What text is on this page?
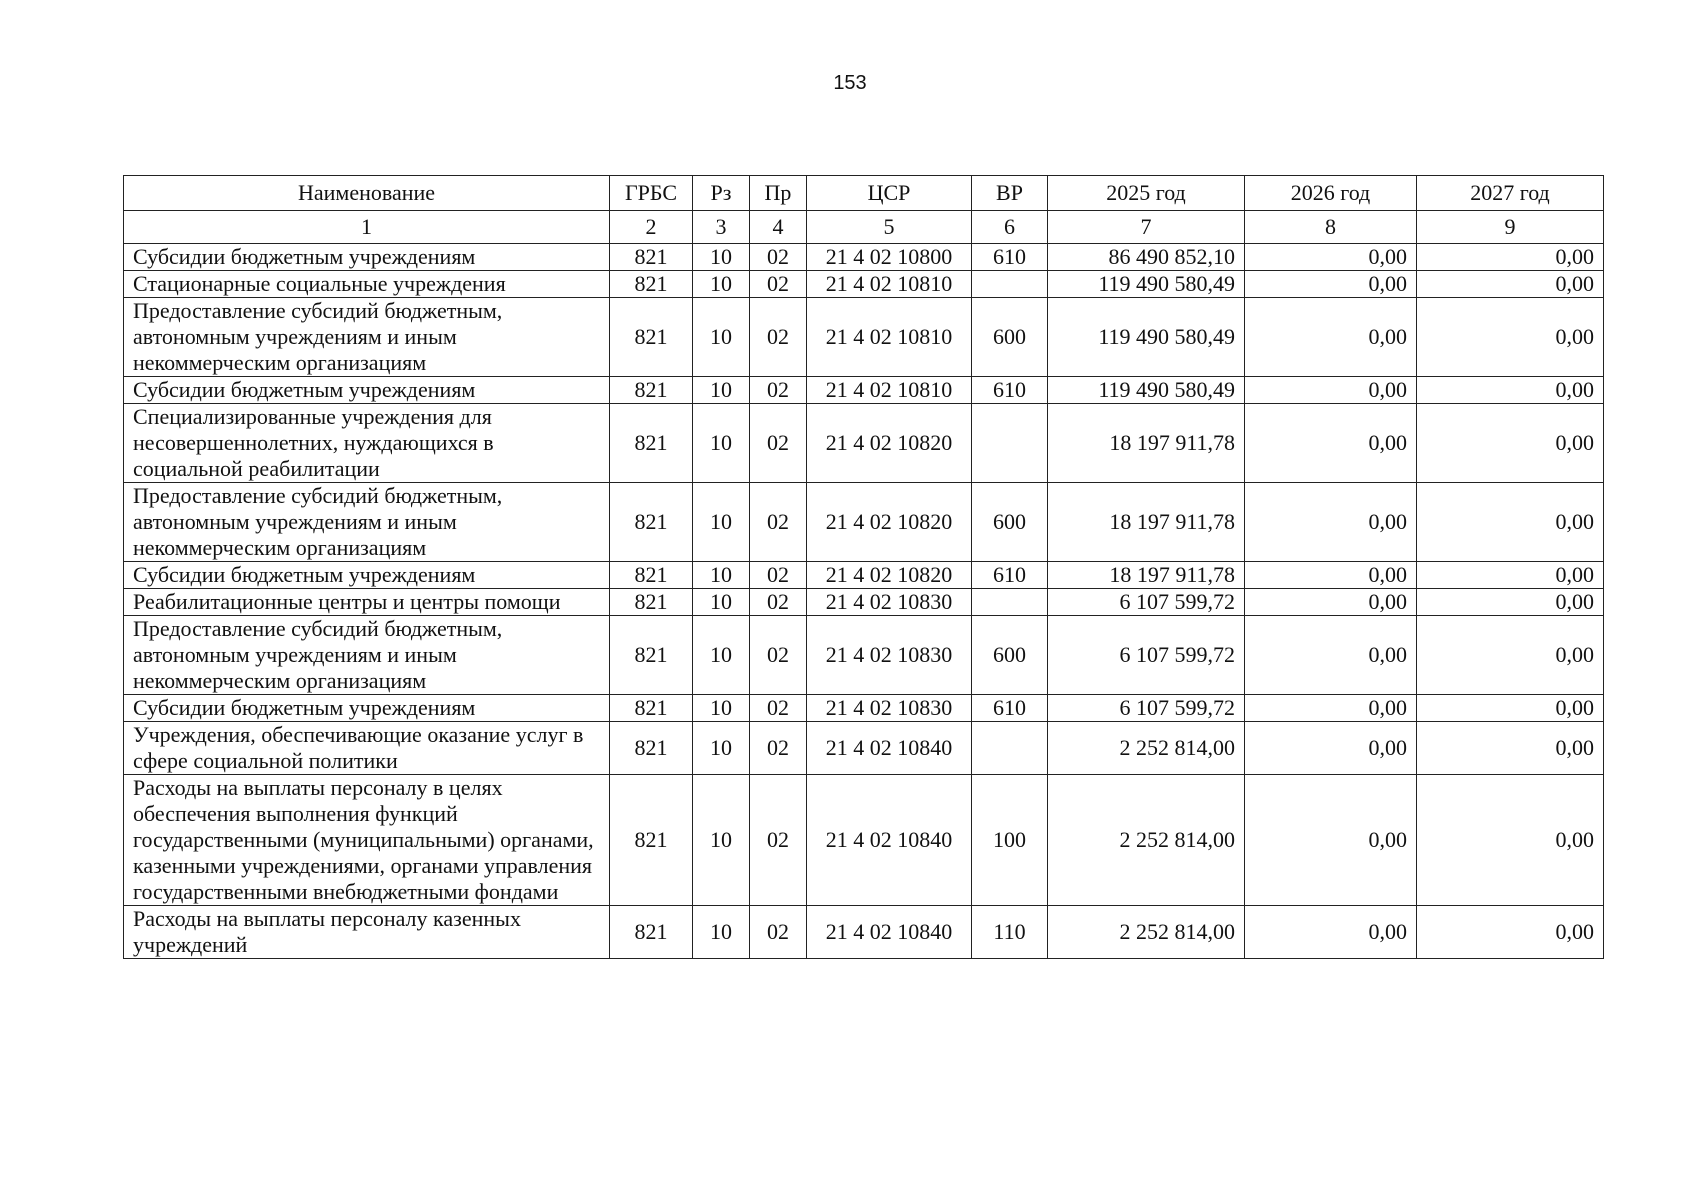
153
Наименование	ГРБС	Рз	Пр	ЦСР	ВР	2025 год	2026 год	2027 год
1	2	3	4	5	6	7	8	9
Субсидии бюджетным учреждениям	821	10	02	21 4 02 10800	610	86 490 852,10	0,00	0,00
Стационарные социальные учреждения	821	10	02	21 4 02 10810		119 490 580,49	0,00	0,00
Предоставление субсидий бюджетным, автономным учреждениям и иным некоммерческим организациям	821	10	02	21 4 02 10810	600	119 490 580,49	0,00	0,00
Субсидии бюджетным учреждениям	821	10	02	21 4 02 10810	610	119 490 580,49	0,00	0,00
Специализированные учреждения для несовершеннолетних, нуждающихся в социальной реабилитации	821	10	02	21 4 02 10820		18 197 911,78	0,00	0,00
Предоставление субсидий бюджетным, автономным учреждениям и иным некоммерческим организациям	821	10	02	21 4 02 10820	600	18 197 911,78	0,00	0,00
Субсидии бюджетным учреждениям	821	10	02	21 4 02 10820	610	18 197 911,78	0,00	0,00
Реабилитационные центры и центры помощи	821	10	02	21 4 02 10830		6 107 599,72	0,00	0,00
Предоставление субсидий бюджетным, автономным учреждениям и иным некоммерческим организациям	821	10	02	21 4 02 10830	600	6 107 599,72	0,00	0,00
Субсидии бюджетным учреждениям	821	10	02	21 4 02 10830	610	6 107 599,72	0,00	0,00
Учреждения, обеспечивающие оказание услуг в сфере социальной политики	821	10	02	21 4 02 10840		2 252 814,00	0,00	0,00
Расходы на выплаты персоналу в целях обеспечения выполнения функций государственными (муниципальными) органами, казенными учреждениями, органами управления государственными внебюджетными фондами	821	10	02	21 4 02 10840	100	2 252 814,00	0,00	0,00
Расходы на выплаты персоналу казенных учреждений	821	10	02	21 4 02 10840	110	2 252 814,00	0,00	0,00
